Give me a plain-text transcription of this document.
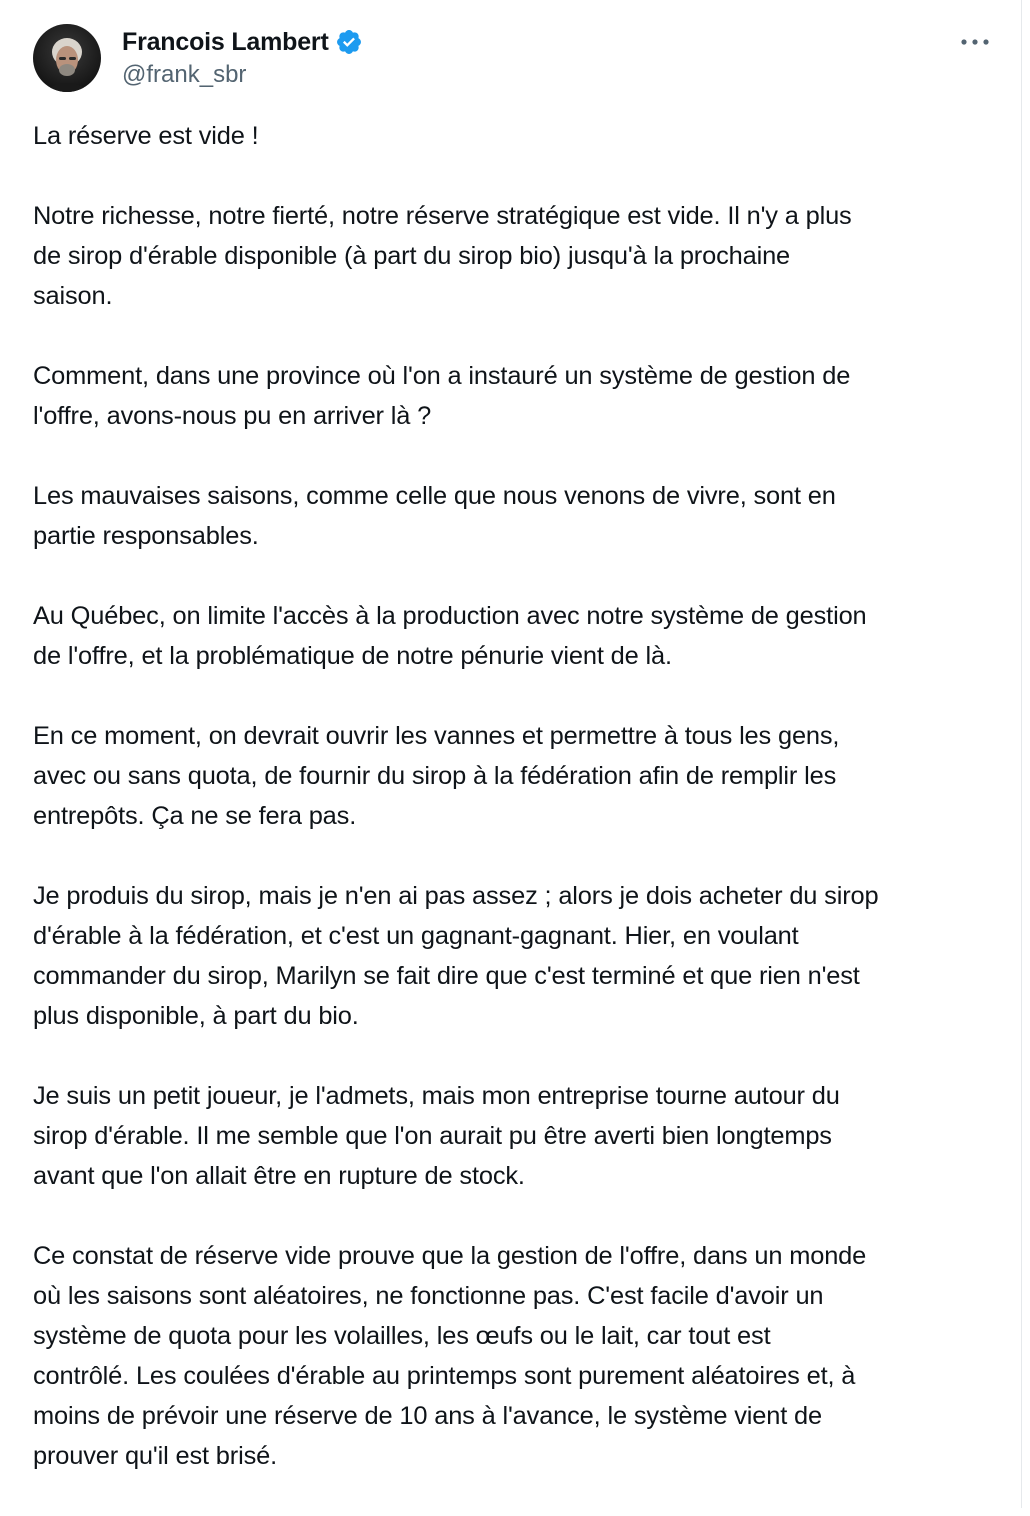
Francois Lambert
@frank_sbr

La réserve est vide !

Notre richesse, notre fierté, notre réserve stratégique est vide. Il n'y a plus
de sirop d'érable disponible (à part du sirop bio) jusqu'à la prochaine
saison.

Comment, dans une province où l'on a instauré un système de gestion de
l'offre, avons-nous pu en arriver là ?

Les mauvaises saisons, comme celle que nous venons de vivre, sont en
partie responsables.

Au Québec, on limite l'accès à la production avec notre système de gestion
de l'offre, et la problématique de notre pénurie vient de là.

En ce moment, on devrait ouvrir les vannes et permettre à tous les gens,
avec ou sans quota, de fournir du sirop à la fédération afin de remplir les
entrepôts. Ça ne se fera pas.

Je produis du sirop, mais je n'en ai pas assez ; alors je dois acheter du sirop
d'érable à la fédération, et c'est un gagnant-gagnant. Hier, en voulant
commander du sirop, Marilyn se fait dire que c'est terminé et que rien n'est
plus disponible, à part du bio.

Je suis un petit joueur, je l'admets, mais mon entreprise tourne autour du
sirop d'érable. Il me semble que l'on aurait pu être averti bien longtemps
avant que l'on allait être en rupture de stock.

Ce constat de réserve vide prouve que la gestion de l'offre, dans un monde
où les saisons sont aléatoires, ne fonctionne pas. C'est facile d'avoir un
système de quota pour les volailles, les œufs ou le lait, car tout est
contrôlé. Les coulées d'érable au printemps sont purement aléatoires et, à
moins de prévoir une réserve de 10 ans à l'avance, le système vient de
prouver qu'il est brisé.
